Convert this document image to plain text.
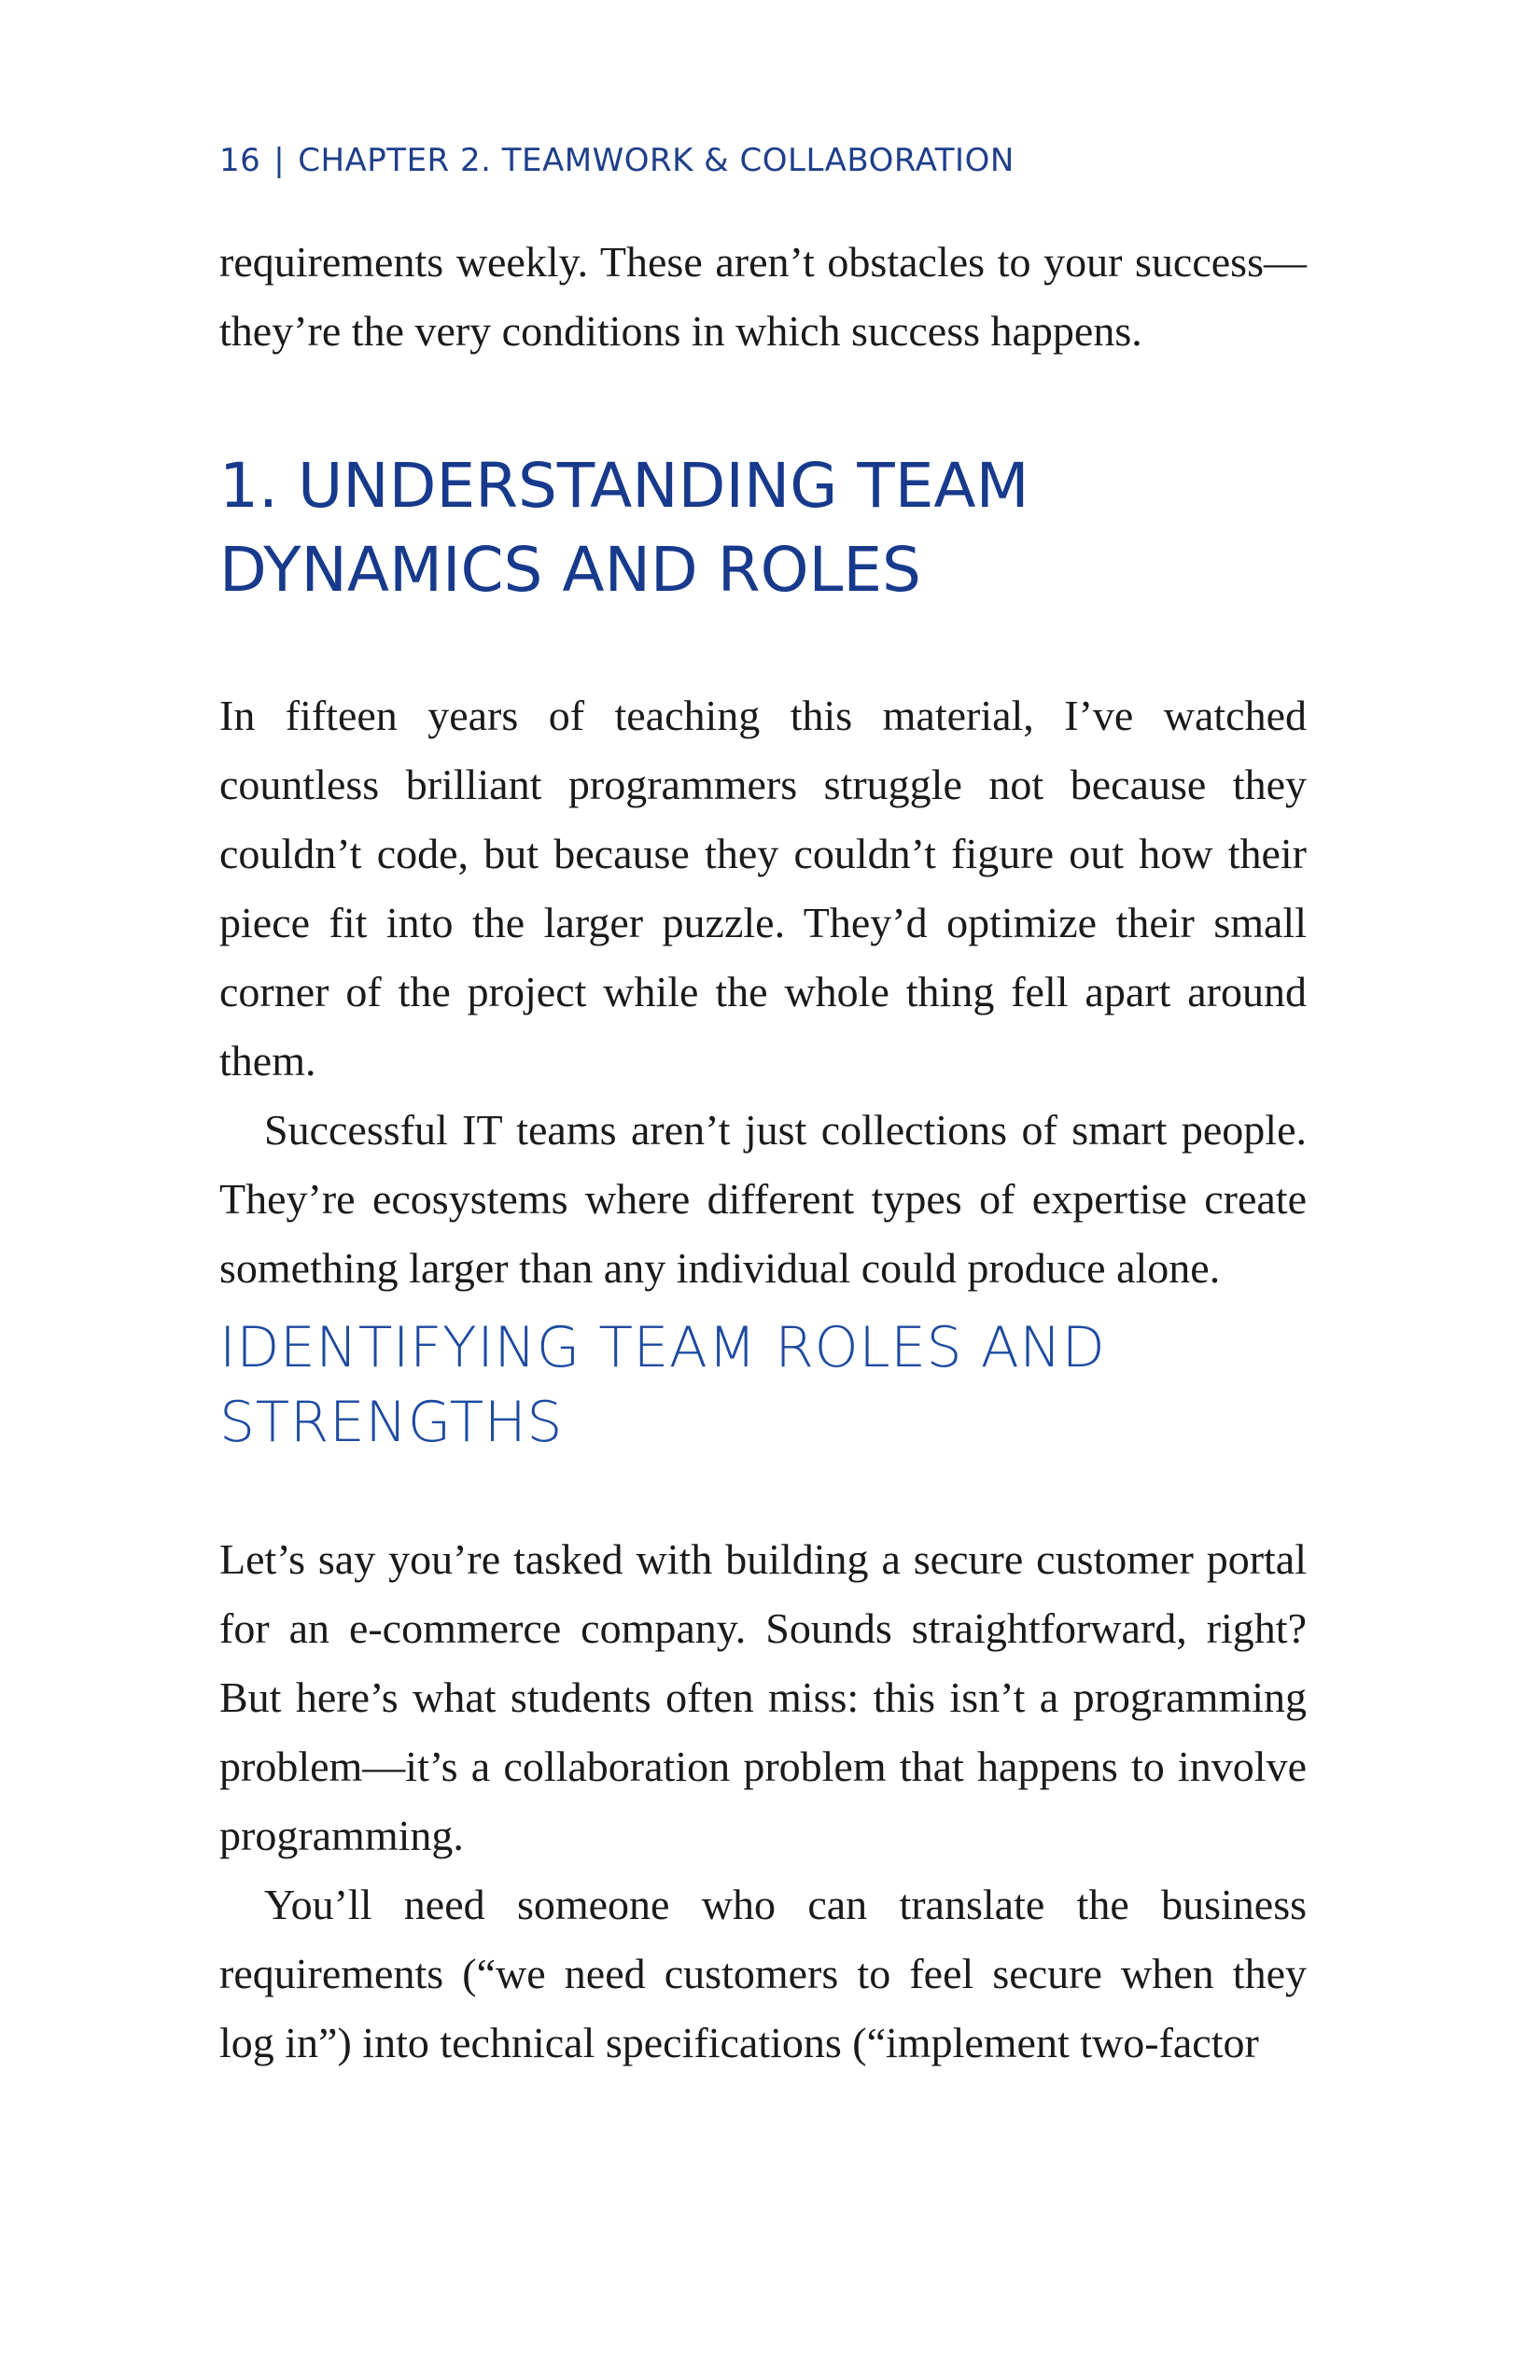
16 | CHAPTER 2. TEAMWORK & COLLABORATION

requirements weekly. These aren’t obstacles to your success—they’re the very conditions in which success happens.

1. UNDERSTANDING TEAM DYNAMICS AND ROLES

In fifteen years of teaching this material, I’ve watched countless brilliant programmers struggle not because they couldn’t code, but because they couldn’t figure out how their piece fit into the larger puzzle. They’d optimize their small corner of the project while the whole thing fell apart around them.

Successful IT teams aren’t just collections of smart people. They’re ecosystems where different types of expertise create something larger than any individual could produce alone.

IDENTIFYING TEAM ROLES AND STRENGTHS

Let’s say you’re tasked with building a secure customer portal for an e-commerce company. Sounds straightforward, right? But here’s what students often miss: this isn’t a programming problem—it’s a collaboration problem that happens to involve programming.

You’ll need someone who can translate the business requirements (“we need customers to feel secure when they log in”) into technical specifications (“implement two-factor
